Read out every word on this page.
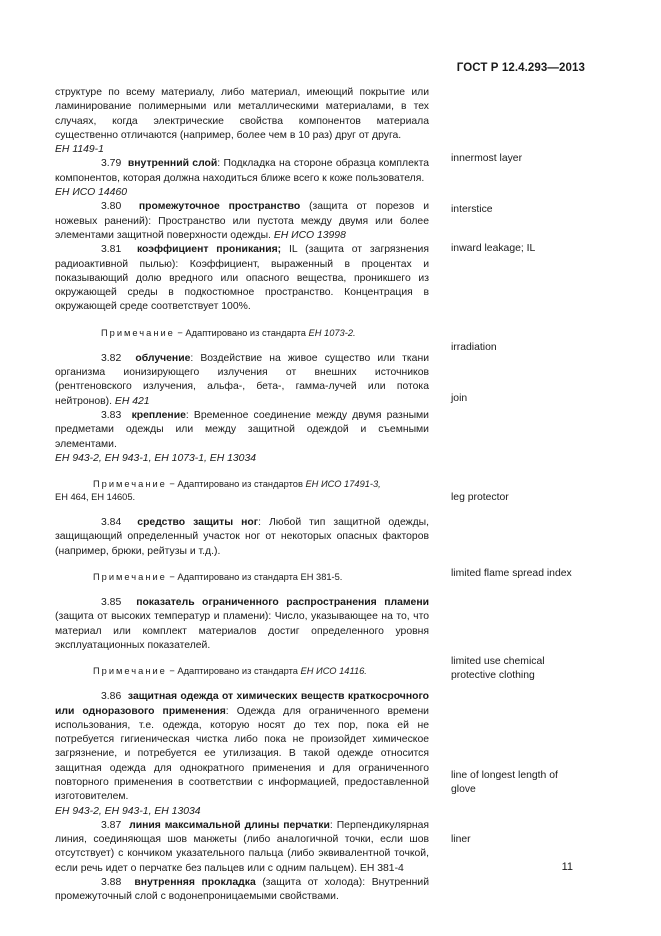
ГОСТ Р 12.4.293—2013

структуре по всему материалу, либо материал, имеющий покрытие или ламинирование полимерными или металлическими материалами, в тех случаях, когда электрические свойства компонентов материала существенно отличаются (например, более чем в 10 раз) друг от друга.

ЕН 1149-1

3.79 внутренний слой: Подкладка на стороне образца комплекта компонентов, которая должна находиться ближе всего к коже пользователя.

ЕН ИСО 14460

3.80 промежуточное пространство (защита от порезов и ножевых ранений): Пространство или пустота между двумя или более элементами защитной поверхности одежды. ЕН ИСО 13998

3.81 коэффициент проникания; IL (защита от загрязнения радиоактивной пылью): Коэффициент, выраженный в процентах и показывающий долю вредного или опасного вещества, проникшего из окружающей среды в подкостюмное пространство. Концентрация в окружающей среде соответствует 100%.

Примечание − Адаптировано из стандарта ЕН 1073-2.

3.82 облучение: Воздействие на живое существо или ткани организма ионизирующего излучения от внешних источников (рентгеновского излучения, альфа-, бета-, гамма-лучей или потока нейтронов). ЕН 421

3.83 крепление: Временное соединение между двумя разными предметами одежды или между защитной одеждой и съемными элементами.

ЕН 943-2, ЕН 943-1, ЕН 1073-1, ЕН 13034

Примечание − Адаптировано из стандартов ЕН ИСО 17491-3,

ЕН 464, ЕН 14605.

3.84 средство защиты ног: Любой тип защитной одежды, защищающий определенный участок ног от некоторых опасных факторов (например, брюки, рейтузы и т.д.).

Примечание − Адаптировано из стандарта ЕН 381-5.

3.85 показатель ограниченного распространения пламени (защита от высоких температур и пламени): Число, указывающее на то, что материал или комплект материалов достиг определенного уровня эксплуатационных показателей.

Примечание − Адаптировано из стандарта ЕН ИСО 14116.

3.86 защитная одежда от химических веществ краткосрочного или одноразового применения: Одежда для ограниченного времени использования, т.е. одежда, которую носят до тех пор, пока ей не потребуется гигиеническая чистка либо пока не произойдет химическое загрязнение, и потребуется ее утилизация. В такой одежде относится защитная одежда для однократного применения и для ограниченного повторного применения в соответствии с информацией, предоставленной изготовителем.

ЕН 943-2, ЕН 943-1, ЕН 13034

3.87 линия максимальной длины перчатки: Перпендикулярная линия, соединяющая шов манжеты (либо аналогичной точки, если шов отсутствует) с кончиком указательного пальца (либо эквивалентной точкой, если речь идет о перчатке без пальцев или с одним пальцем). ЕН 381-4

3.88 внутренняя прокладка (защита от холода): Внутренний промежуточный слой с водонепроницаемыми свойствами.

innermost layer
interstice
inward leakage; IL
irradiation
join
leg protector
limited flame spread index
limited use chemical protective clothing
line of longest length of glove
liner
11
